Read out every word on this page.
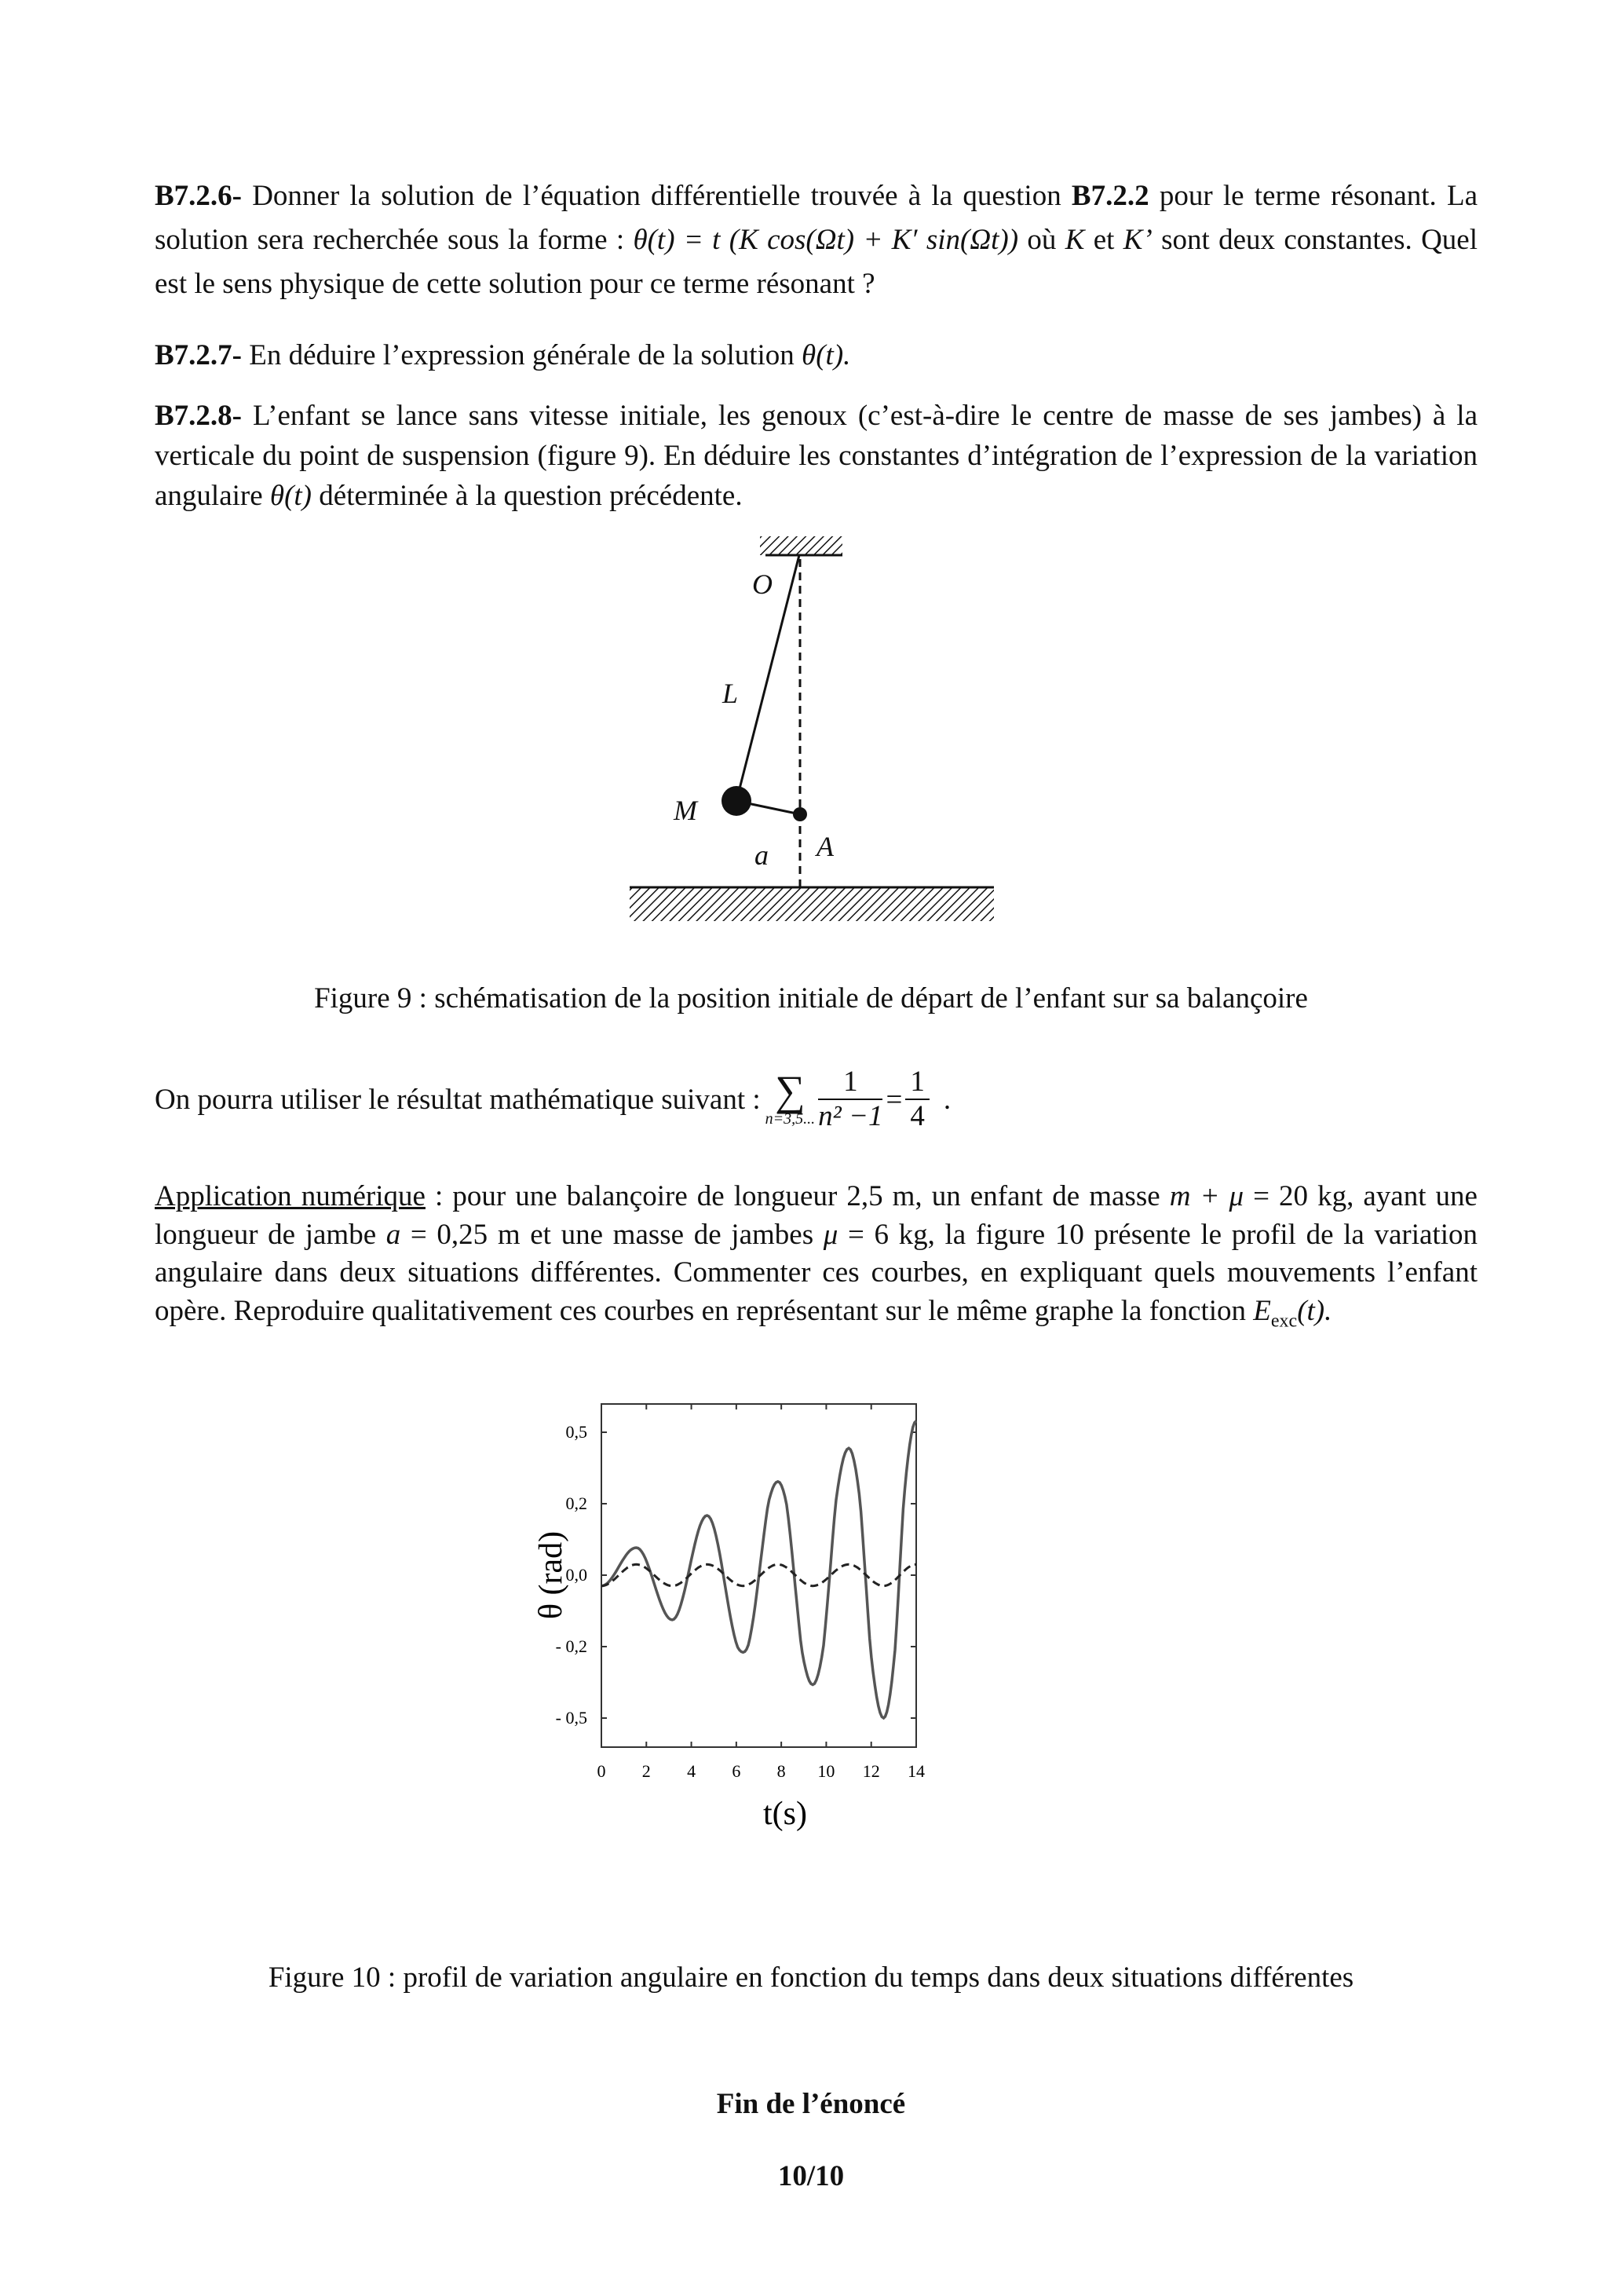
B7.2.6- Donner la solution de l’équation différentielle trouvée à la question B7.2.2 pour le terme résonant. La solution sera recherchée sous la forme : θ(t) = t (K cos(Ωt) + K′ sin(Ωt)) où K et K’ sont deux constantes. Quel est le sens physique de cette solution pour ce terme résonant ?
B7.2.7- En déduire l’expression générale de la solution θ(t).
B7.2.8- L’enfant se lance sans vitesse initiale, les genoux (c’est-à-dire le centre de masse de ses jambes) à la verticale du point de suspension (figure 9). En déduire les constantes d’intégration de l’expression de la variation angulaire θ(t) déterminée à la question précédente.
O
L
M
a A
Figure 9 : schématisation de la position initiale de départ de l’enfant sur sa balançoire
On pourra utiliser le résultat mathématique suivant : ∑
n=3,5... $\frac{1}{\text{n² −1}} = \frac{1}{4}$ .
Application numérique : pour une balançoire de longueur 2,5 m, un enfant de masse m + μ = 20 kg, ayant une longueur de jambe a = 0,25 m et une masse de jambes μ = 6 kg, la figure 10 présente le profil de la variation angulaire dans deux situations différentes. Commenter ces courbes, en expliquant quels mouvements l’enfant opère. Reproduire qualitativement ces courbes en représentant sur le même graphe la fonction $E_{exc}(t)$.
0 2 4 6 8 10 12 14
0,5
0,2
0,0
- 0,2
- 0,5
t(s)
θ (rad)
Figure 10 : profil de variation angulaire en fonction du temps dans deux situations différentes
Fin de l’énoncé
10/10
